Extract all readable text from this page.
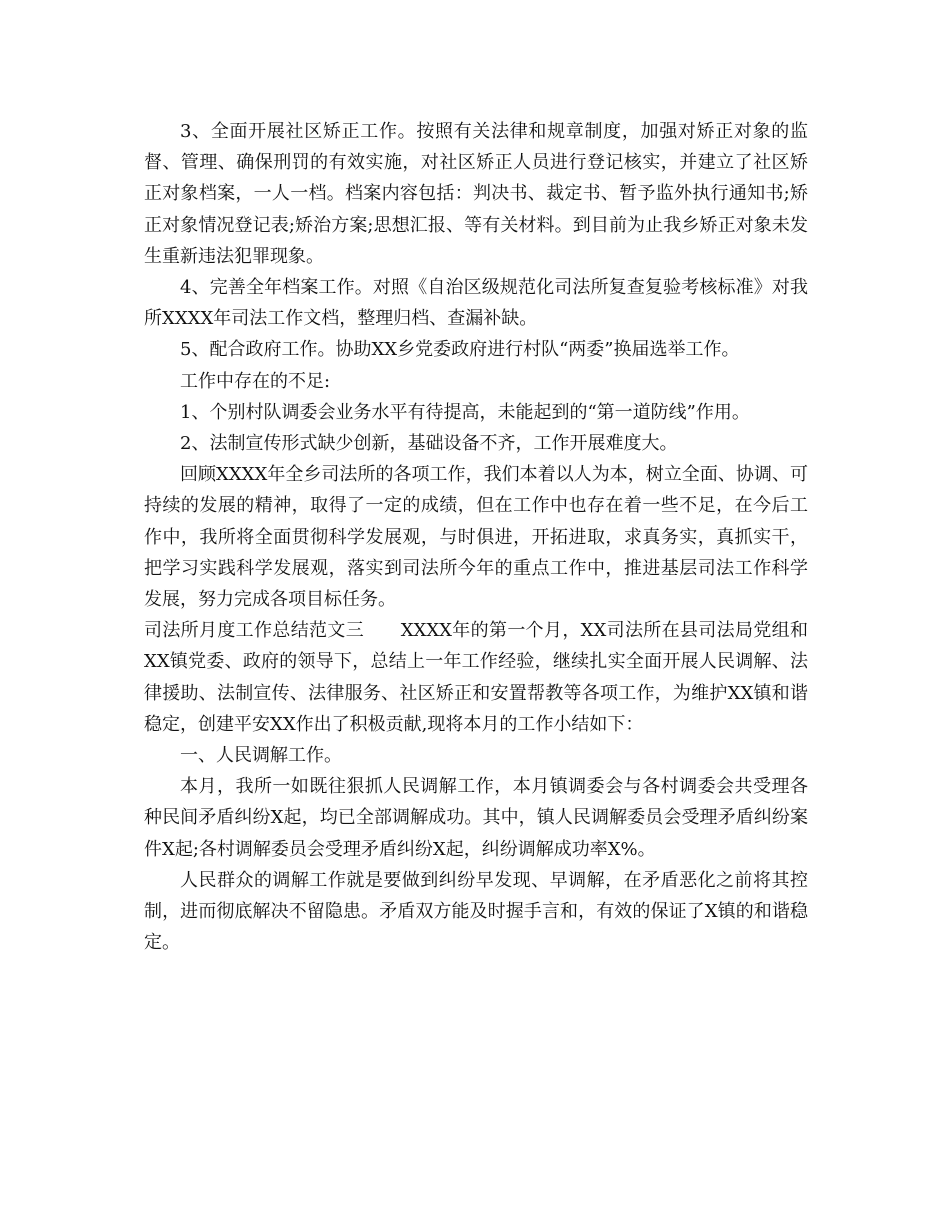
3、全面开展社区矫正工作。按照有关法律和规章制度，加强对矫正对象的监督、管理、确保刑罚的有效实施，对社区矫正人员进行登记核实，并建立了社区矫正对象档案，一人一档。档案内容包括：判决书、裁定书、暂予监外执行通知书;矫正对象情况登记表;矫治方案;思想汇报、等有关材料。到目前为止我乡矫正对象未发生重新违法犯罪现象。

4、完善全年档案工作。对照《自治区级规范化司法所复查复验考核标准》对我所XXXX年司法工作文档，整理归档、查漏补缺。

5、配合政府工作。协助XX乡党委政府进行村队“两委”换届选举工作。

工作中存在的不足:

1、个别村队调委会业务水平有待提高，未能起到的“第一道防线”作用。

2、法制宣传形式缺少创新，基础设备不齐，工作开展难度大。

回顾XXXX年全乡司法所的各项工作，我们本着以人为本，树立全面、协调、可持续的发展的精神，取得了一定的成绩，但在工作中也存在着一些不足，在今后工作中，我所将全面贯彻科学发展观，与时俱进，开拓进取，求真务实，真抓实干，把学习实践科学发展观，落实到司法所今年的重点工作中，推进基层司法工作科学发展，努力完成各项目标任务。

司法所月度工作总结范文三　　XXXX年的第一个月，XX司法所在县司法局党组和XX镇党委、政府的领导下，总结上一年工作经验，继续扎实全面开展人民调解、法律援助、法制宣传、法律服务、社区矫正和安置帮教等各项工作，为维护XX镇和谐稳定，创建平安XX作出了积极贡献,现将本月的工作小结如下：

一、人民调解工作。

本月，我所一如既往狠抓人民调解工作，本月镇调委会与各村调委会共受理各种民间矛盾纠纷X起，均已全部调解成功。其中，镇人民调解委员会受理矛盾纠纷案件X起;各村调解委员会受理矛盾纠纷X起，纠纷调解成功率X%。

人民群众的调解工作就是要做到纠纷早发现、早调解，在矛盾恶化之前将其控制，进而彻底解决不留隐患。矛盾双方能及时握手言和，有效的保证了X镇的和谐稳定。
